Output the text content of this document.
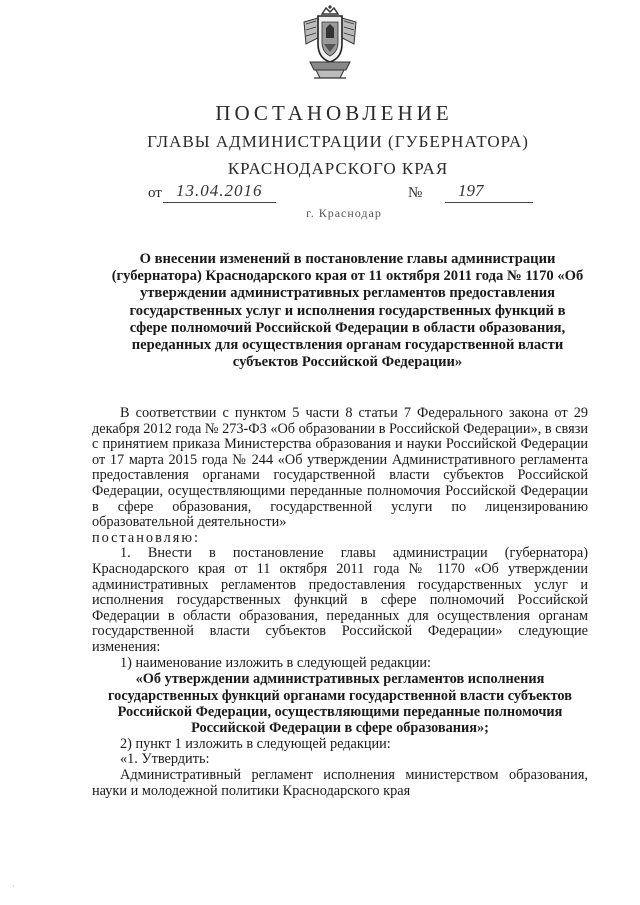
ПОСТАНОВЛЕНИЕ
ГЛАВЫ АДМИНИСТРАЦИИ (ГУБЕРНАТОРА)
КРАСНОДАРСКОГО КРАЯ
от 13.04.2016	№ 197
г. Краснодар
О внесении изменений в постановление главы администрации (губернатора) Краснодарского края от 11 октября 2011 года № 1170 «Об утверждении административных регламентов предоставления государственных услуг и исполнения государственных функций в сфере полномочий Российской Федерации в области образования, переданных для осуществления органам государственной власти субъектов Российской Федерации»

В соответствии с пунктом 5 части 8 статьи 7 Федерального закона от 29 декабря 2012 года № 273-ФЗ «Об образовании в Российской Федерации», в связи с принятием приказа Министерства образования и науки Российской Федерации от 17 марта 2015 года № 244 «Об утверждении Административного регламента предоставления органами государственной власти субъектов Российской Федерации, осуществляющими переданные полномочия Российской Федерации в сфере образования, государственной услуги по лицензированию образовательной деятельности»

постановляю:

1. Внести в постановление главы администрации (губернатора) Краснодарского края от 11 октября 2011 года № 1170 «Об утверждении административных регламентов предоставления государственных услуг и исполнения государственных функций в сфере полномочий Российской Федерации в области образования, переданных для осуществления органам государственной власти субъектов Российской Федерации» следующие изменения:

1) наименование изложить в следующей редакции:

«Об утверждении административных регламентов исполнения государственных функций органами государственной власти субъектов Российской Федерации, осуществляющими переданные полномочия Российской Федерации в сфере образования»;

2) пункт 1 изложить в следующей редакции:

«1. Утвердить:

Административный регламент исполнения министерством образования, науки и молодежной политики Краснодарского края

·
